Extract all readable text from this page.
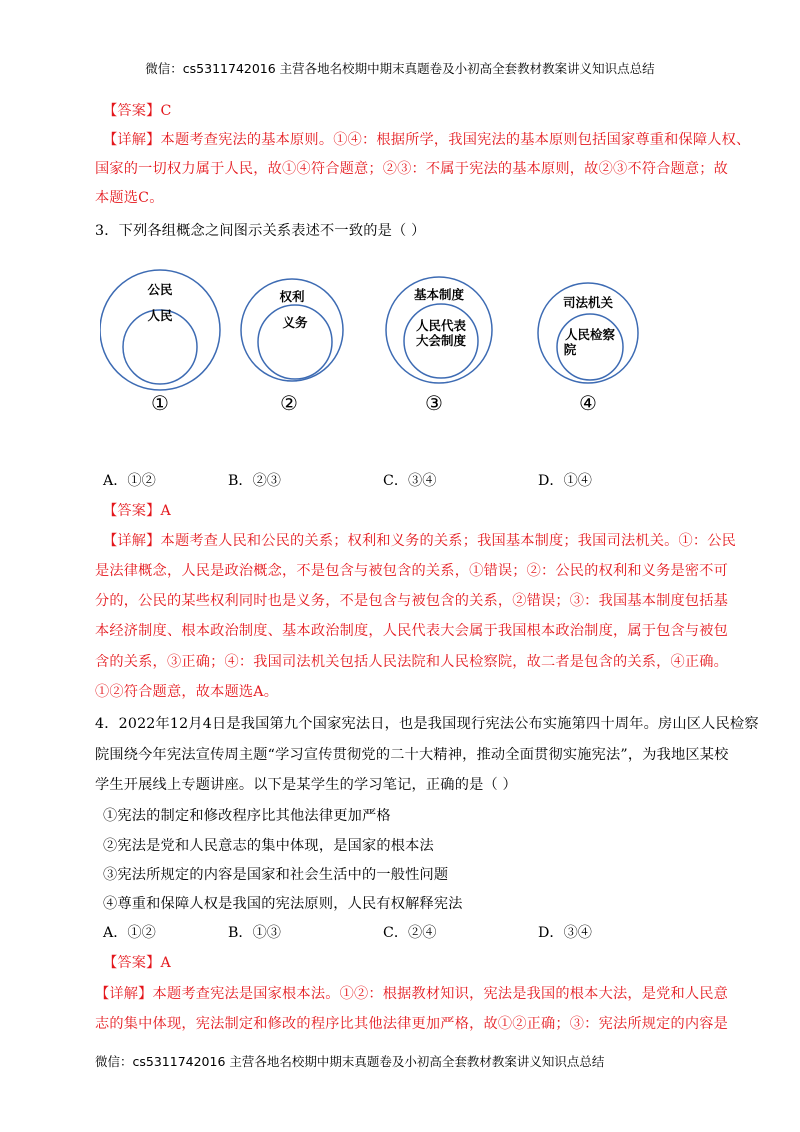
微信：cs5311742016 主营各地名校期中期末真题卷及小初高全套教材教案讲义知识点总结
【答案】C
【详解】本题考查宪法的基本原则。①④：根据所学，我国宪法的基本原则包括国家尊重和保障人权、
国家的一切权力属于人民，故①④符合题意；②③：不属于宪法的基本原则，故②③不符合题意；故
本题选C。
3．下列各组概念之间图示关系表述不一致的是（ ）
公民
人民
①
权利
义务
②
基本制度
人民代表
大会制度
③
司法机关
人民检察
院
④
A．①②	B．②③	C．③④	D．①④
【答案】A
【详解】本题考查人民和公民的关系；权利和义务的关系；我国基本制度；我国司法机关。①：公民
是法律概念，人民是政治概念，不是包含与被包含的关系，①错误；②：公民的权利和义务是密不可
分的，公民的某些权利同时也是义务，不是包含与被包含的关系，②错误；③：我国基本制度包括基
本经济制度、根本政治制度、基本政治制度，人民代表大会属于我国根本政治制度，属于包含与被包
含的关系，③正确；④：我国司法机关包括人民法院和人民检察院，故二者是包含的关系，④正确。
①②符合题意，故本题选A。
4．2022年12月4日是我国第九个国家宪法日，也是我国现行宪法公布实施第四十周年。房山区人民检察
院围绕今年宪法宣传周主题“学习宣传贯彻党的二十大精神，推动全面贯彻实施宪法”，为我地区某校
学生开展线上专题讲座。以下是某学生的学习笔记，正确的是（ ）
①宪法的制定和修改程序比其他法律更加严格
②宪法是党和人民意志的集中体现，是国家的根本法
③宪法所规定的内容是国家和社会生活中的一般性问题
④尊重和保障人权是我国的宪法原则，人民有权解释宪法
A．①②	B．①③	C．②④	D．③④
【答案】A
【详解】本题考查宪法是国家根本法。①②：根据教材知识，宪法是我国的根本大法，是党和人民意
志的集中体现，宪法制定和修改的程序比其他法律更加严格，故①②正确；③：宪法所规定的内容是
微信：cs5311742016 主营各地名校期中期末真题卷及小初高全套教材教案讲义知识点总结
